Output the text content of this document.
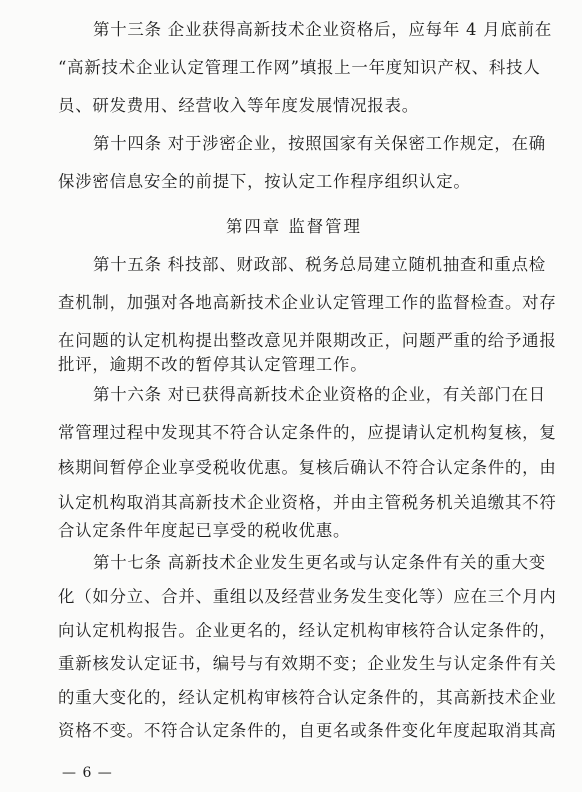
第十三条 企业获得高新技术企业资格后，应每年 4 月底前在
“高新技术企业认定管理工作网”填报上一年度知识产权、科技人
员、研发费用、经营收入等年度发展情况报表。
第十四条 对于涉密企业，按照国家有关保密工作规定，在确
保涉密信息安全的前提下，按认定工作程序组织认定。
第四章 监督管理
第十五条 科技部、财政部、税务总局建立随机抽查和重点检
查机制，加强对各地高新技术企业认定管理工作的监督检查。对存
在问题的认定机构提出整改意见并限期改正，问题严重的给予通报
批评，逾期不改的暂停其认定管理工作。
第十六条 对已获得高新技术企业资格的企业，有关部门在日
常管理过程中发现其不符合认定条件的，应提请认定机构复核，复
核期间暂停企业享受税收优惠。复核后确认不符合认定条件的，由
认定机构取消其高新技术企业资格，并由主管税务机关追缴其不符
合认定条件年度起已享受的税收优惠。
第十七条 高新技术企业发生更名或与认定条件有关的重大变
化（如分立、合并、重组以及经营业务发生变化等）应在三个月内
向认定机构报告。企业更名的，经认定机构审核符合认定条件的，
重新核发认定证书，编号与有效期不变；企业发生与认定条件有关
的重大变化的，经认定机构审核符合认定条件的，其高新技术企业
资格不变。不符合认定条件的，自更名或条件变化年度起取消其高
— 6 —
